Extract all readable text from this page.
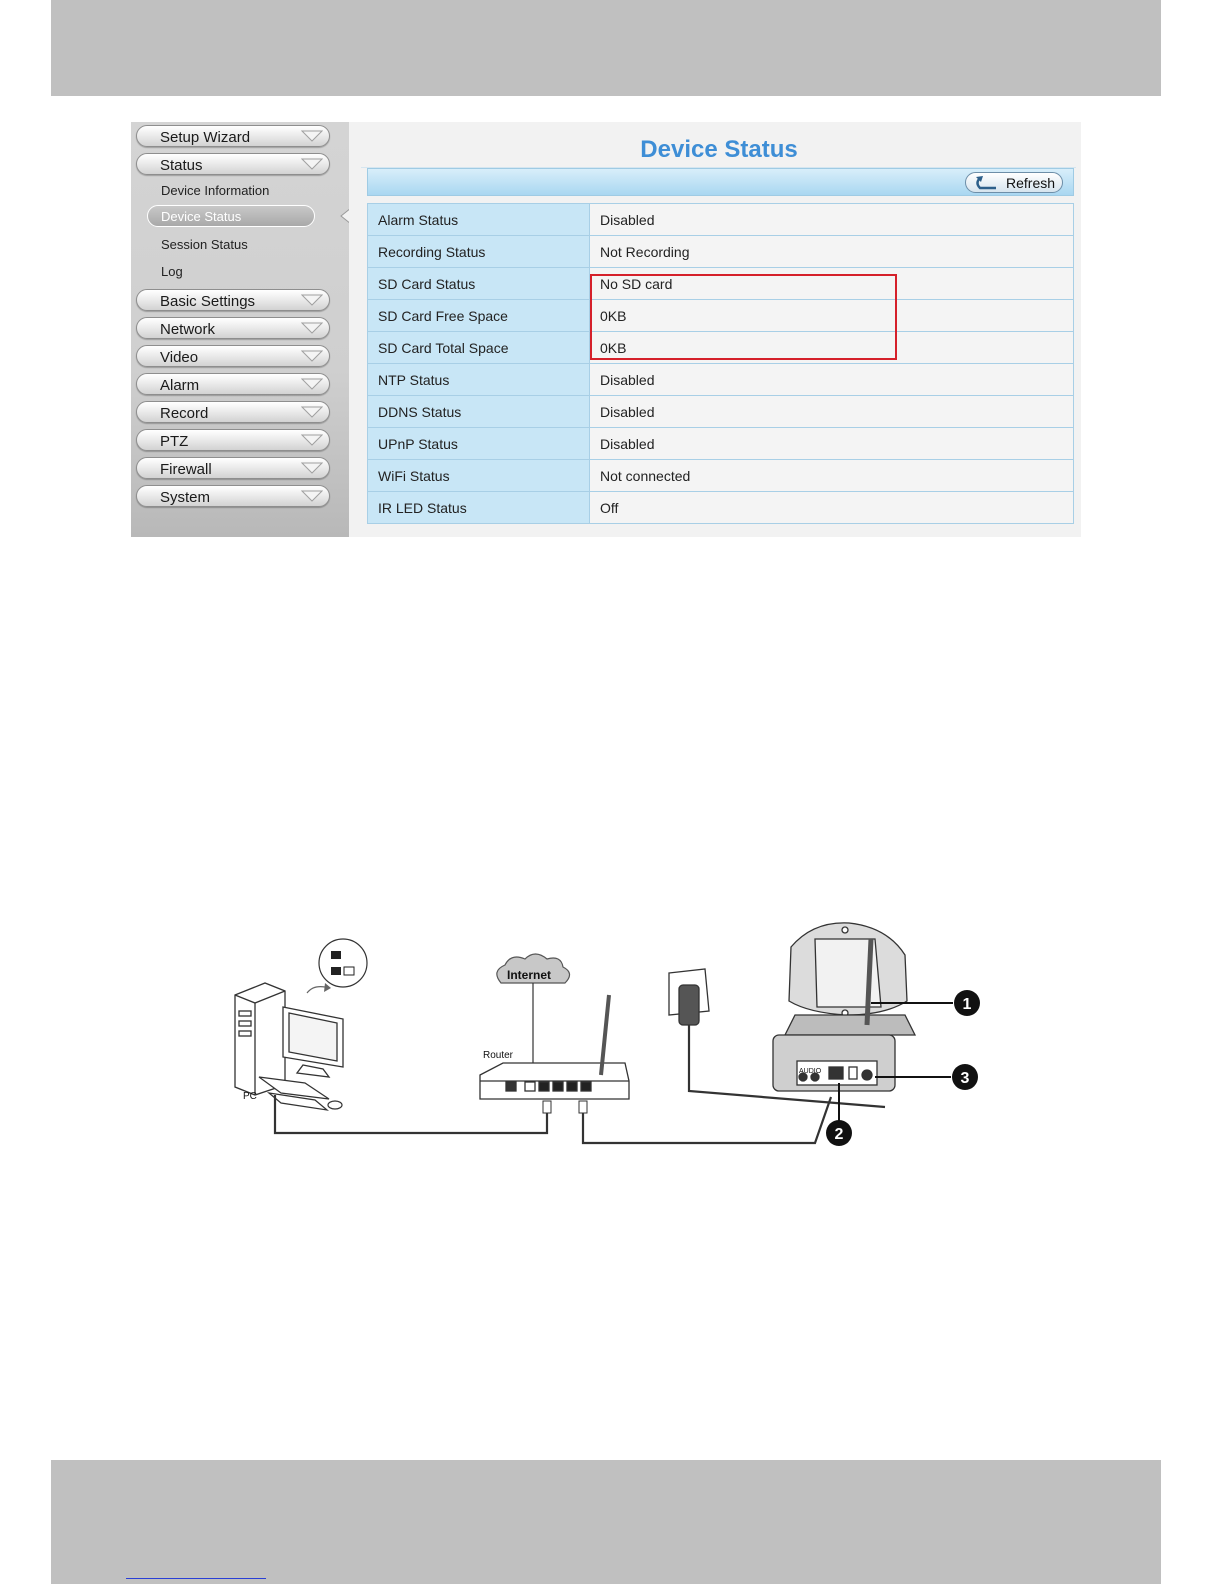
Setup Wizard
Status
Device Information
Device Status
Session Status
Log
Basic Settings
Network
Video
Alarm
Record
PTZ
Firewall
System
Device Status
Refresh
Alarm Status	Disabled
Recording Status	Not Recording
SD Card Status	No SD card
SD Card Free Space	0KB
SD Card Total Space	0KB
NTP Status	Disabled
DDNS Status	Disabled
UPnP Status	Disabled
WiFi Status	Not connected
IR LED Status	Off
PC
Internet
Router
AUDIO
1
2
3
